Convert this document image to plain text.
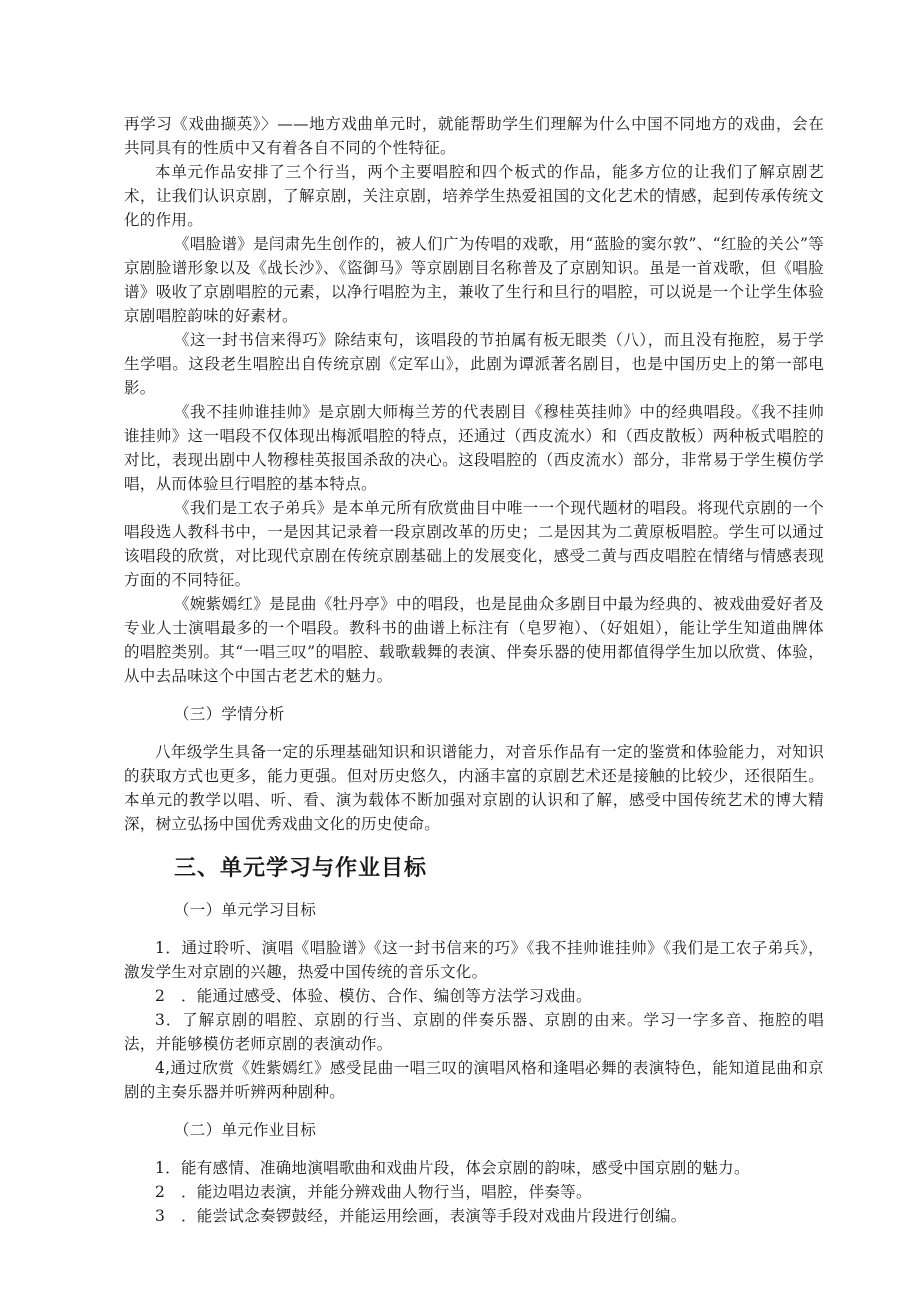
再学习《戏曲撷英》〉——地方戏曲单元时，就能帮助学生们理解为什么中国不同地方的戏曲，会在共同具有的性质中又有着各自不同的个性特征。

本单元作品安排了三个行当，两个主要唱腔和四个板式的作品，能多方位的让我们了解京剧艺术，让我们认识京剧，了解京剧，关注京剧，培养学生热爱祖国的文化艺术的情感，起到传承传统文化的作用。

《唱脸谱》是闫肃先生创作的，被人们广为传唱的戏歌，用“蓝脸的窦尔敦”、“红脸的关公”等京剧脸谱形象以及《战长沙》、《盜御马》等京剧剧目名称普及了京剧知识。虽是一首戏歌，但《唱脸谱》吸收了京剧唱腔的元素，以净行唱腔为主，兼收了生行和旦行的唱腔，可以说是一个让学生体验京剧唱腔韵味的好素材。

《这一封书信来得巧》除结束句，该唱段的节拍属有板无眼类（八），而且没有拖腔，易于学生学唱。这段老生唱腔出自传统京剧《定军山》，此剧为谭派著名剧目，也是中国历史上的第一部电影。

《我不挂帅谁挂帅》是京剧大师梅兰芳的代表剧目《穆桂英挂帅》中的经典唱段。《我不挂帅谁挂帅》这一唱段不仅体现出梅派唱腔的特点，还通过（西皮流水）和（西皮散板）两种板式唱腔的对比，表现出剧中人物穆桂英报国杀敌的决心。这段唱腔的（西皮流水）部分，非常易于学生模仿学唱，从而体验旦行唱腔的基本特点。

《我们是工农子弟兵》是本单元所有欣赏曲目中唯一一个现代题材的唱段。将现代京剧的一个唱段选人教科书中，一是因其记录着一段京剧改革的历史；二是因其为二黄原板唱腔。学生可以通过该唱段的欣赏，对比现代京剧在传统京剧基础上的发展变化，感受二黄与西皮唱腔在情绪与情感表现方面的不同特征。

《婉紫嫣红》是昆曲《牡丹亭》中的唱段，也是昆曲众多剧目中最为经典的、被戏曲爱好者及专业人士演唱最多的一个唱段。教科书的曲谱上标注有（皂罗袍）、（好姐姐），能让学生知道曲牌体的唱腔类别。其“一唱三叹”的唱腔、载歌载舞的表演、伴奏乐器的使用都值得学生加以欣赏、体验，从中去品味这个中国古老艺术的魅力。

（三）学情分析

八年级学生具备一定的乐理基础知识和识谱能力，对音乐作品有一定的鉴赏和体验能力，对知识的获取方式也更多，能力更强。但对历史悠久，内涵丰富的京剧艺术还是接触的比较少，还很陌生。本单元的教学以唱、听、看、演为载体不断加强对京剧的认识和了解，感受中国传统艺术的博大精深，树立弘扬中国优秀戏曲文化的历史使命。

三、单元学习与作业目标

（一）单元学习目标

1．通过聆听、演唱《唱脸谱》《这一封书信来的巧》《我不挂帅谁挂帅》《我们是工农子弟兵》，激发学生对京剧的兴趣，热爱中国传统的音乐文化。

2　．能通过感受、体验、模仿、合作、编创等方法学习戏曲。

3．了解京剧的唱腔、京剧的行当、京剧的伴奏乐器、京剧的由来。学习一字多音、拖腔的唱法，并能够模仿老师京剧的表演动作。

4,通过欣赏《姓紫嫣红》感受昆曲一唱三叹的演唱风格和逢唱必舞的表演特色，能知道昆曲和京剧的主奏乐器并听辨两种剧种。

（二）单元作业目标

1．能有感情、准确地演唱歌曲和戏曲片段，体会京剧的韵味，感受中国京剧的魅力。

2　．能边唱边表演，并能分辨戏曲人物行当，唱腔，伴奏等。

3　．能尝试念奏锣鼓经，并能运用绘画，表演等手段对戏曲片段进行创编。
